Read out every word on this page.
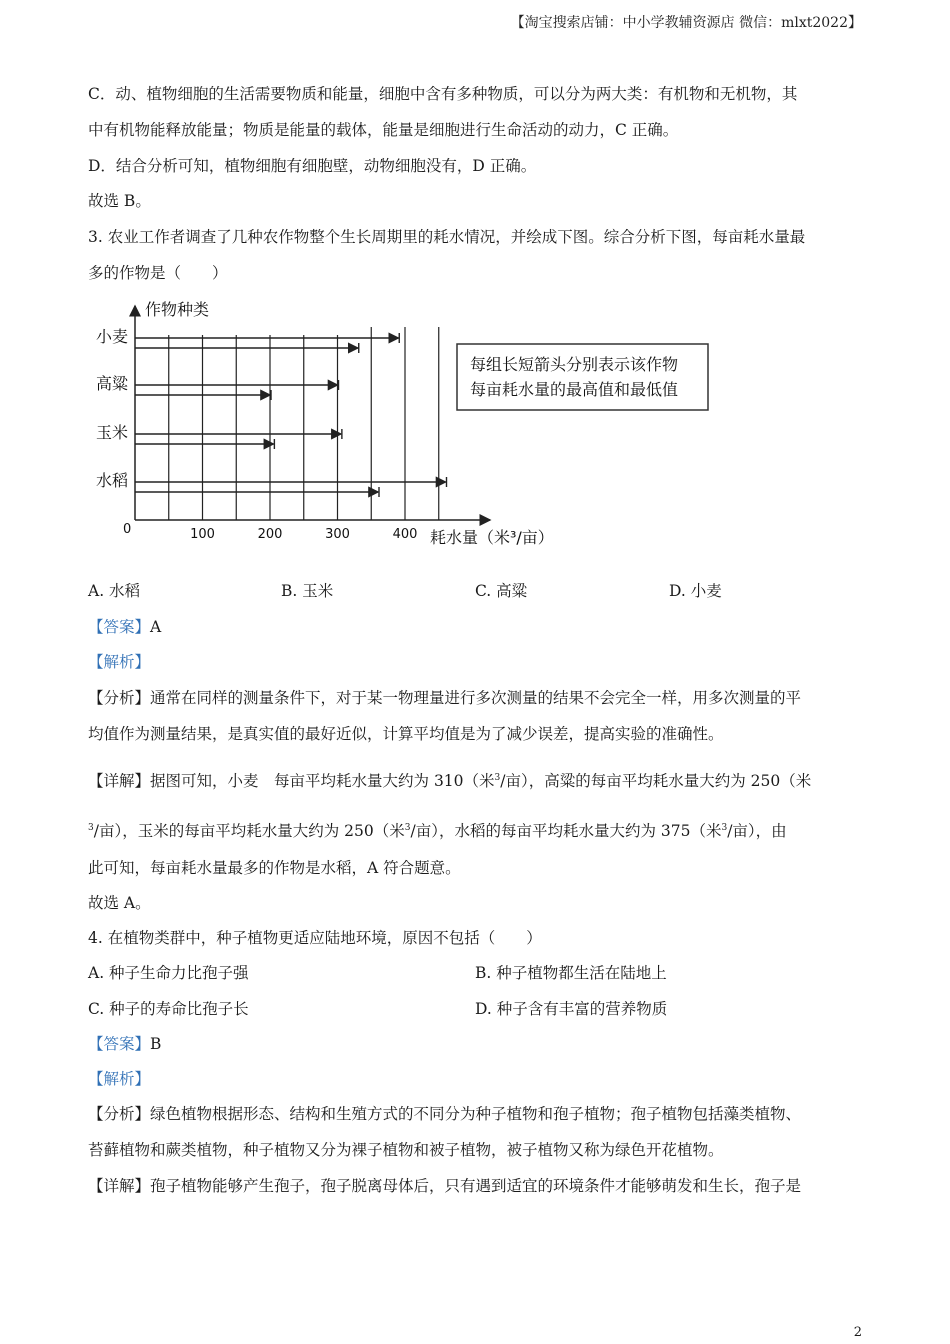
【淘宝搜索店铺：中小学教辅资源店 微信：mlxt2022】
C．动、植物细胞的生活需要物质和能量，细胞中含有多种物质，可以分为两大类：有机物和无机物，其
中有机物能释放能量；物质是能量的载体，能量是细胞进行生命活动的动力，C 正确。
D．结合分析可知，植物细胞有细胞壁，动物细胞没有，D 正确。
故选 B。
3. 农业工作者调查了几种农作物整个生长周期里的耗水情况，并绘成下图。综合分析下图，每亩耗水量最
多的作物是（　　）
作物种类
耗水量（米³/亩）
0	100	200	300	400
小麦
高粱
玉米
水稻
每组长短箭头分别表示该作物
每亩耗水量的最高值和最低值
A. 水稻	B. 玉米	C. 高粱	D. 小麦
【答案】A
【解析】
【分析】通常在同样的测量条件下，对于某一物理量进行多次测量的结果不会完全一样，用多次测量的平
均值作为测量结果，是真实值的最好近似，计算平均值是为了减少误差，提高实验的准确性。
【详解】据图可知，小麦　每亩平均耗水量大约为 310（米$^3$/亩），高粱的每亩平均耗水量大约为 250（米
$^3$/亩），玉米的每亩平均耗水量大约为 250（米$^3$/亩），水稻的每亩平均耗水量大约为 375（米$^3$/亩），由
此可知，每亩耗水量最多的作物是水稻，A 符合题意。
故选 A。
4. 在植物类群中，种子植物更适应陆地环境，原因不包括（　　）
A. 种子生命力比孢子强	B. 种子植物都生活在陆地上
C. 种子的寿命比孢子长	D. 种子含有丰富的营养物质
【答案】B
【解析】
【分析】绿色植物根据形态、结构和生殖方式的不同分为种子植物和孢子植物；孢子植物包括藻类植物、
苔藓植物和蕨类植物，种子植物又分为裸子植物和被子植物，被子植物又称为绿色开花植物。
【详解】孢子植物能够产生孢子，孢子脱离母体后，只有遇到适宜的环境条件才能够萌发和生长，孢子是
2
